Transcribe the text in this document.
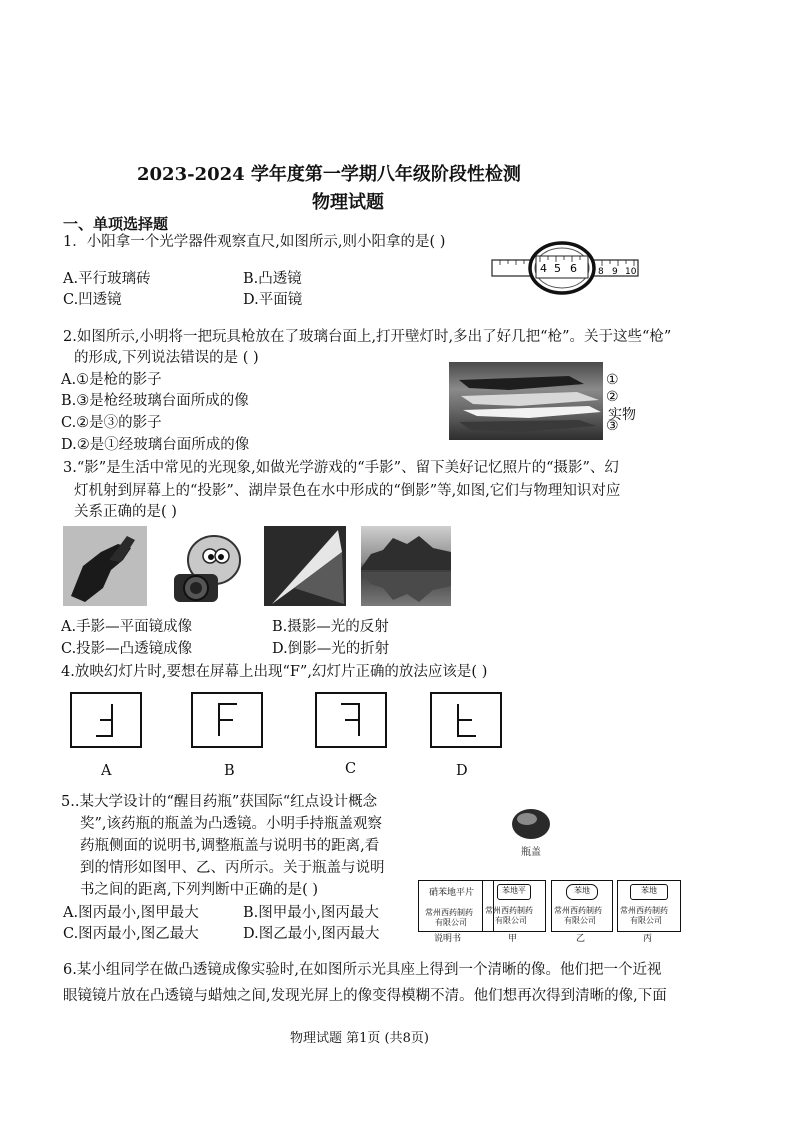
2023-2024 学年度第一学期八年级阶段性检测
物理试题
一、单项选择题
1．小阳拿一个光学器件观察直尺,如图所示,则小阳拿的是( )
A.平行玻璃砖	B.凸透镜
C.凹透镜	D.平面镜
4 5 6 8 9 10
2.如图所示,小明将一把玩具枪放在了玻璃台面上,打开壁灯时,多出了好几把“枪”。关于这些“枪”
的形成,下列说法错误的是 ( )
A.①是枪的影子
B.③是枪经玻璃台面所成的像
C.②是③的影子
D.②是①经玻璃台面所成的像
①
②
实物
③
3.“影”是生活中常见的光现象,如做光学游戏的“手影”、留下美好记忆照片的“摄影”、幻
灯机射到屏幕上的“投影”、湖岸景色在水中形成的“倒影”等,如图,它们与物理知识对应
关系正确的是( )
A.手影—平面镜成像	B.摄影—光的反射
C.投影—凸透镜成像	D.倒影—光的折射
4.放映幻灯片时,要想在屏幕上出现“F”,幻灯片正确的放法应该是( )
A	B	C	D
5..某大学设计的“醒目药瓶”获国际“红点设计概念
奖”,该药瓶的瓶盖为凸透镜。小明手持瓶盖观察
药瓶侧面的说明书,调整瓶盖与说明书的距离,看
到的情形如图甲、乙、丙所示。关于瓶盖与说明
书之间的距离,下列判断中正确的是( )
A.图丙最小,图甲最大	B.图甲最小,图丙最大
C.图丙最小,图乙最大	D.图乙最小,图丙最大
瓶盖
硝苯地平片
常州西药制药
有限公司
说明书
苯地平
常州西药制药
有限公司
甲
苯地
常州西药制药
有限公司
乙
苯地
常州西药制药
有限公司
丙
6.某小组同学在做凸透镜成像实验时,在如图所示光具座上得到一个清晰的像。他们把一个近视
眼镜镜片放在凸透镜与蜡烛之间,发现光屏上的像变得模糊不清。他们想再次得到清晰的像,下面
物理试题 第1页 (共8页)
